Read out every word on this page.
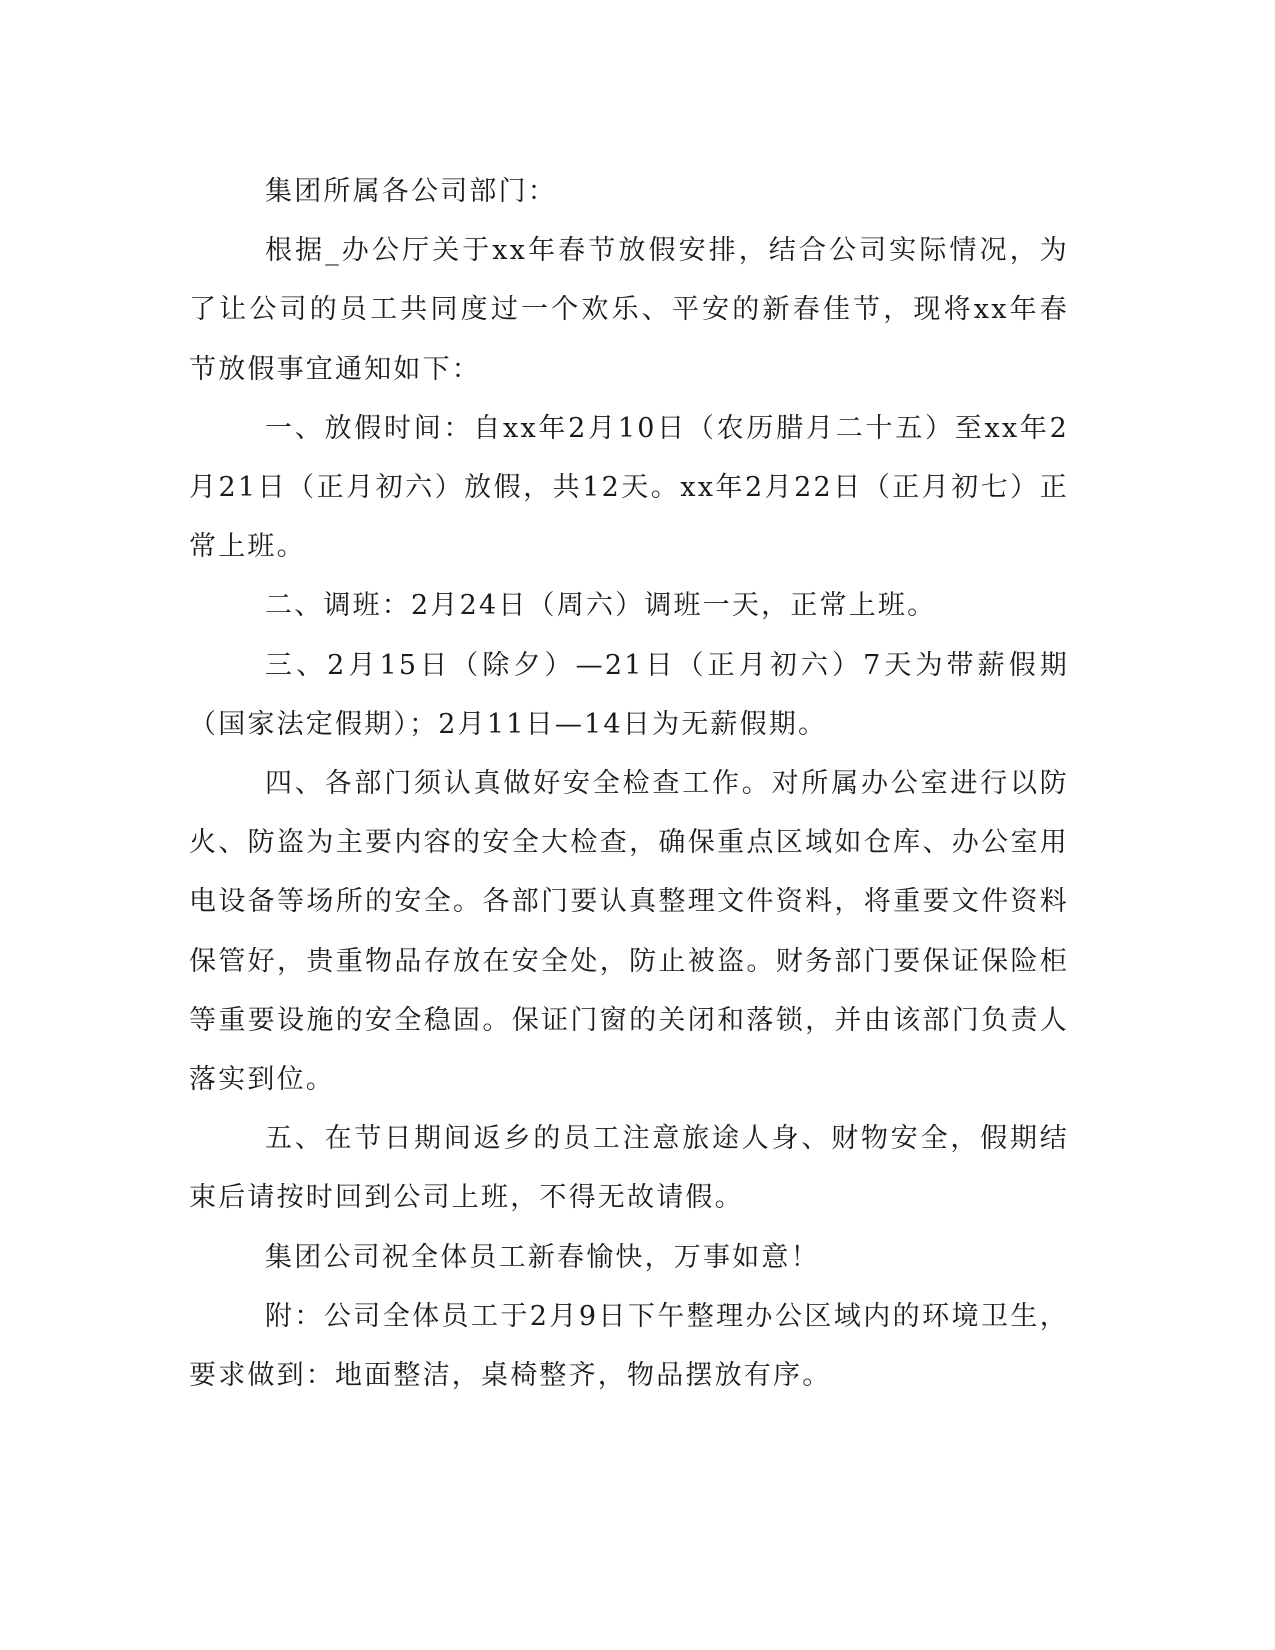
集团所属各公司部门：

根据_办公厅关于xx年春节放假安排，结合公司实际情况，为了让公司的员工共同度过一个欢乐、平安的新春佳节，现将xx年春节放假事宜通知如下：

一、放假时间：自xx年2月10日（农历腊月二十五）至xx年2月21日（正月初六）放假，共12天。xx年2月22日（正月初七）正常上班。

二、调班：2月24日（周六）调班一天，正常上班。

三、2月15日（除夕）—21日（正月初六）7天为带薪假期（国家法定假期）；2月11日—14日为无薪假期。

四、各部门须认真做好安全检查工作。对所属办公室进行以防火、防盗为主要内容的安全大检查，确保重点区域如仓库、办公室用电设备等场所的安全。各部门要认真整理文件资料，将重要文件资料保管好，贵重物品存放在安全处，防止被盗。财务部门要保证保险柜等重要设施的安全稳固。保证门窗的关闭和落锁，并由该部门负责人落实到位。

五、在节日期间返乡的员工注意旅途人身、财物安全，假期结束后请按时回到公司上班，不得无故请假。

集团公司祝全体员工新春愉快，万事如意！

附：公司全体员工于2月9日下午整理办公区域内的环境卫生，要求做到：地面整洁，桌椅整齐，物品摆放有序。
